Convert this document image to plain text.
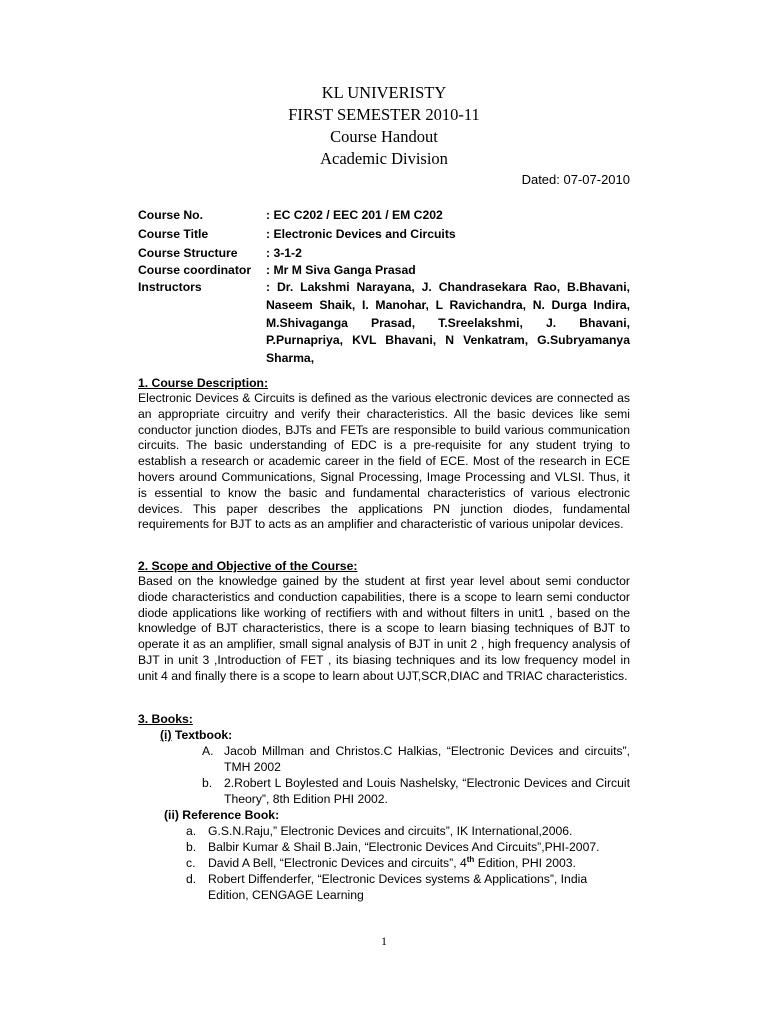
KL UNIVERISTY
FIRST SEMESTER 2010-11
Course Handout
Academic Division
Dated: 07-07-2010
Course No.	: EC C202 / EEC 201 / EM C202
Course Title	: Electronic Devices and Circuits
Course Structure	: 3-1-2
Course coordinator	: Mr M Siva Ganga Prasad
Instructors	: Dr. Lakshmi Narayana, J. Chandrasekara Rao, B.Bhavani, Naseem Shaik, I. Manohar, L Ravichandra, N. Durga Indira, M.Shivaganga Prasad, T.Sreelakshmi, J. Bhavani, P.Purnapriya, KVL Bhavani, N Venkatram, G.Subryamanya Sharma,
1. Course Description:
Electronic Devices & Circuits is defined as the various electronic devices are connected as an appropriate circuitry and verify their characteristics. All the basic devices like semi conductor junction diodes, BJTs and FETs are responsible to build various communication circuits. The basic understanding of EDC is a pre-requisite for any student trying to establish a research or academic career in the field of ECE. Most of the research in ECE hovers around Communications, Signal Processing, Image Processing and VLSI. Thus, it is essential to know the basic and fundamental characteristics of various electronic devices. This paper describes the applications PN junction diodes, fundamental requirements for BJT to acts as an amplifier and characteristic of various unipolar devices.
2. Scope and Objective of the Course:
Based on the knowledge gained by the student at first year level about semi conductor diode characteristics and conduction capabilities, there is a scope to learn semi conductor diode applications like working of rectifiers with and without filters in unit1 , based on the knowledge of BJT characteristics, there is a scope to learn biasing techniques of BJT to operate it as an amplifier, small signal analysis of BJT in unit 2 , high frequency analysis of BJT in unit 3 ,Introduction of FET , its biasing techniques and its low frequency model in unit 4 and finally there is a scope to learn about UJT,SCR,DIAC and TRIAC characteristics.
3. Books:
(i) Textbook:
A. Jacob Millman and Christos.C Halkias, “Electronic Devices and circuits”, TMH 2002
b. 2.Robert L Boylested and Louis Nashelsky, “Electronic Devices and Circuit Theory”, 8th Edition PHI 2002.
(ii) Reference Book:
a. G.S.N.Raju,” Electronic Devices and circuits”, IK International,2006.
b. Balbir Kumar & Shail B.Jain, “Electronic Devices And Circuits”,PHI-2007.
c.	David A Bell, “Electronic Devices and circuits”, 4th Edition, PHI 2003.
d. Robert Diffenderfer, “Electronic Devices systems & Applications”, India Edition, CENGAGE Learning
1
